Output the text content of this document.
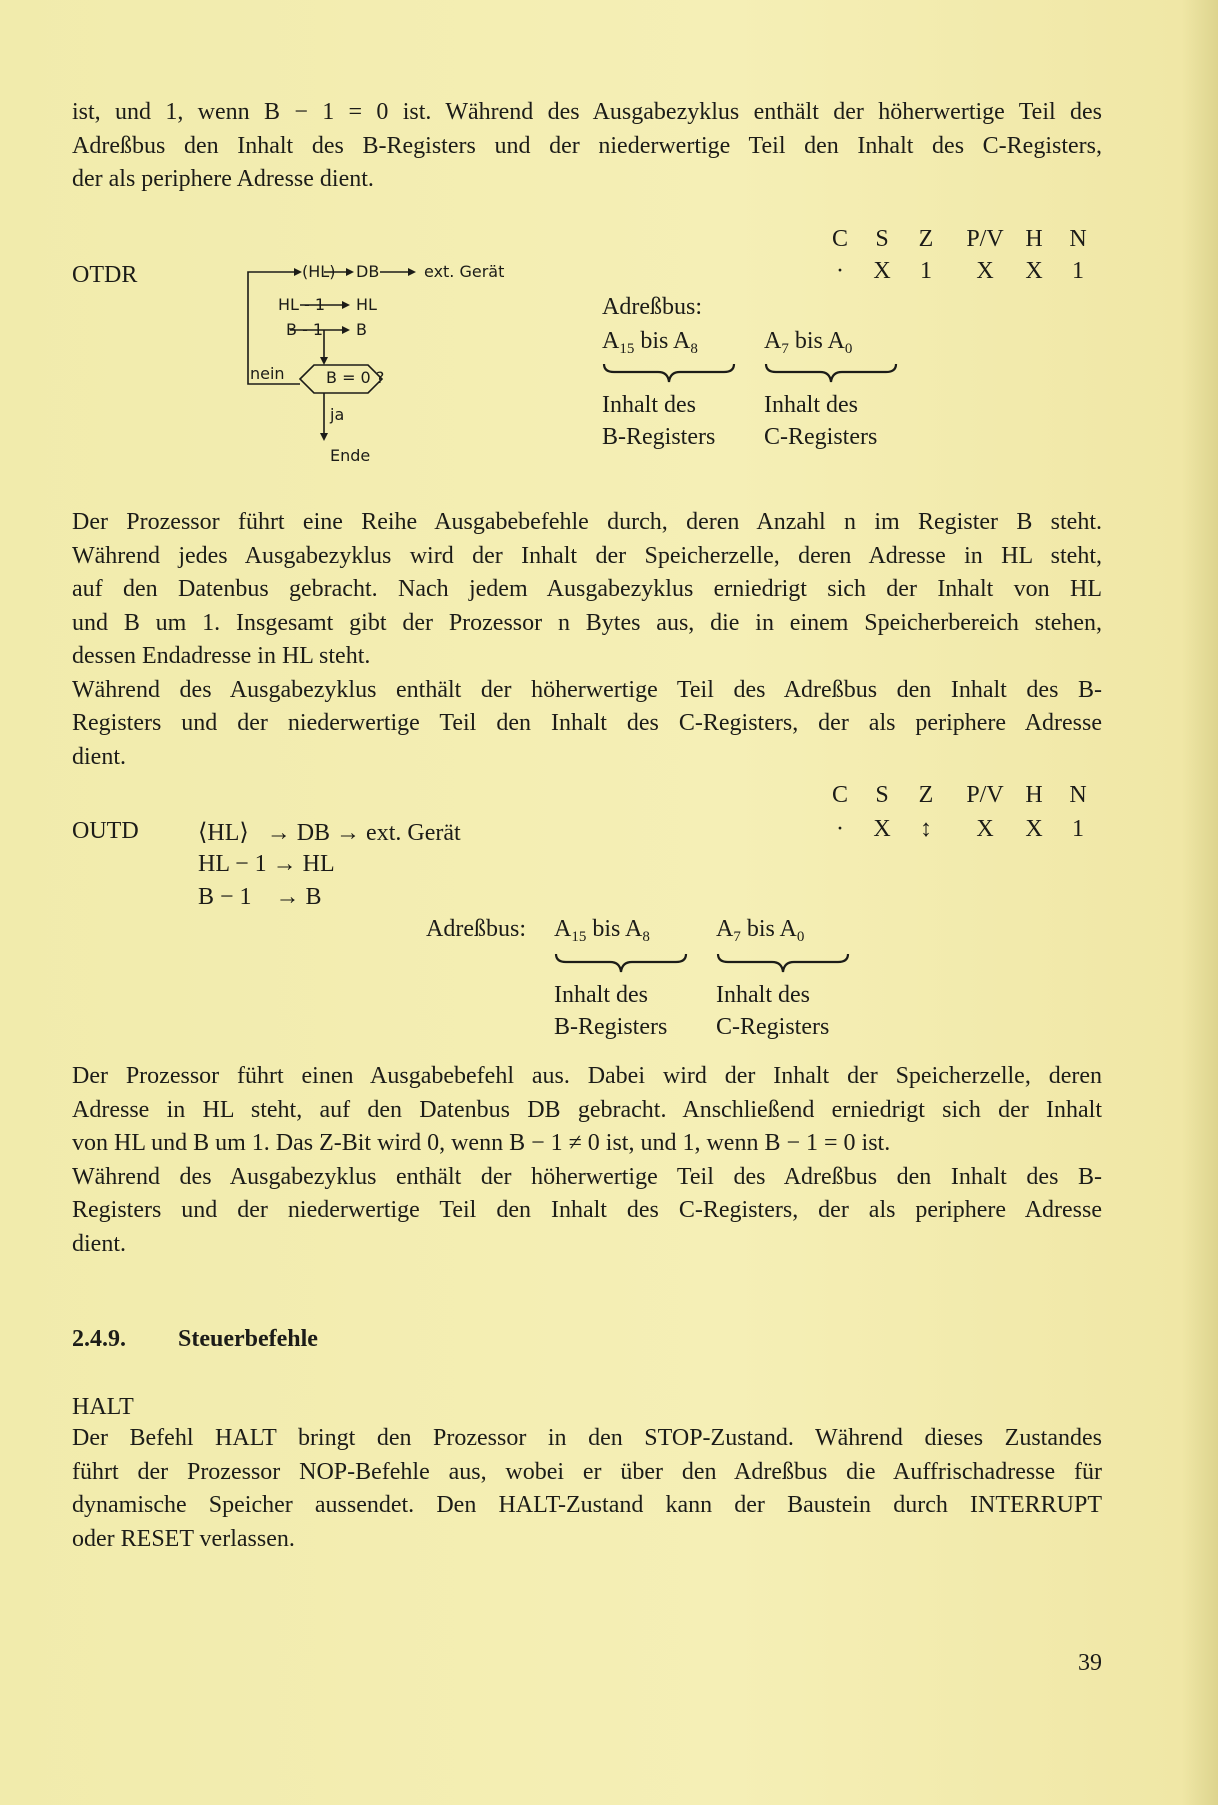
ist, und 1, wenn B − 1 = 0 ist. Während des Ausgabezyklus enthält der höherwertige Teil des

Adreßbus den Inhalt des B-Registers und der niederwertige Teil den Inhalt des C-Registers,

der als periphere Adresse dient.

OTDR
C	S	Z	P/V H	N
·	X	1	X	X	1
(HL) DB	ext. Gerät
HL - 1 HL
B - 1 B
B = 0 ?
nein
ja
Ende
Adreßbus:
$A_{15}$ bis $A_8$	$A_7$ bis $A_0$
Inhalt des
B-Registers
Inhalt des
C-Registers

Der Prozessor führt eine Reihe Ausgabebefehle durch, deren Anzahl n im Register B steht.

Während jedes Ausgabezyklus wird der Inhalt der Speicherzelle, deren Adresse in HL steht,

auf den Datenbus gebracht. Nach jedem Ausgabezyklus erniedrigt sich der Inhalt von HL

und B um 1. Insgesamt gibt der Prozessor n Bytes aus, die in einem Speicherbereich stehen,

dessen Endadresse in HL steht.

Während des Ausgabezyklus enthält der höherwertige Teil des Adreßbus den Inhalt des B-

Registers und der niederwertige Teil den Inhalt des C-Registers, der als periphere Adresse

dient.

C	S	Z	P/V H	N
·	X	↕	X	X	1
OUTD ⟨HL⟩   → DB → ext. Gerät
HL − 1 → HL
B − 1    → B
Adreßbus: $A_{15}$ bis $A_8$	$A_7$ bis $A_0$
Inhalt des
B-Registers
Inhalt des
C-Registers

Der Prozessor führt einen Ausgabebefehl aus. Dabei wird der Inhalt der Speicherzelle, deren

Adresse in HL steht, auf den Datenbus DB gebracht. Anschließend erniedrigt sich der Inhalt

von HL und B um 1. Das Z-Bit wird 0, wenn B − 1 ≠ 0 ist, und 1, wenn B − 1 = 0 ist.

Während des Ausgabezyklus enthält der höherwertige Teil des Adreßbus den Inhalt des B-

Registers und der niederwertige Teil den Inhalt des C-Registers, der als periphere Adresse

dient.

2.4.9. Steuerbefehle
HALT

Der Befehl HALT bringt den Prozessor in den STOP-Zustand. Während dieses Zustandes

führt der Prozessor NOP-Befehle aus, wobei er über den Adreßbus die Auffrischadresse für

dynamische Speicher aussendet. Den HALT-Zustand kann der Baustein durch INTERRUPT

oder RESET verlassen.

39
